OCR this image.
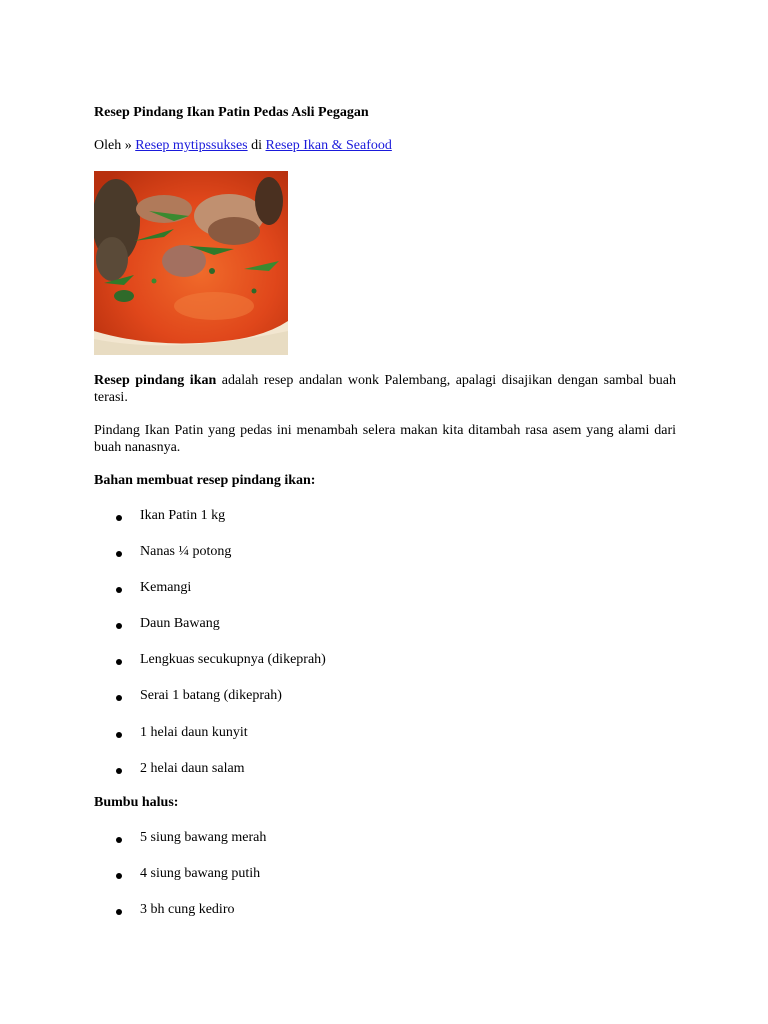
Resep Pindang Ikan Patin Pedas Asli Pegagan
Oleh » Resep mytipssukses di Resep Ikan & Seafood

Resep pindang ikan adalah resep andalan wonk Palembang, apalagi disajikan dengan sambal buah terasi.

Pindang Ikan Patin yang pedas ini menambah selera makan kita ditambah rasa asem yang alami dari buah nanasnya.

Bahan membuat resep pindang ikan:

Ikan Patin 1 kg
Nanas ¼ potong
Kemangi
Daun Bawang
Lengkuas secukupnya (dikeprah)
Serai 1 batang (dikeprah)
1 helai daun kunyit
2 helai daun salam

Bumbu halus:

5 siung bawang merah
4 siung bawang putih
3 bh cung kediro
